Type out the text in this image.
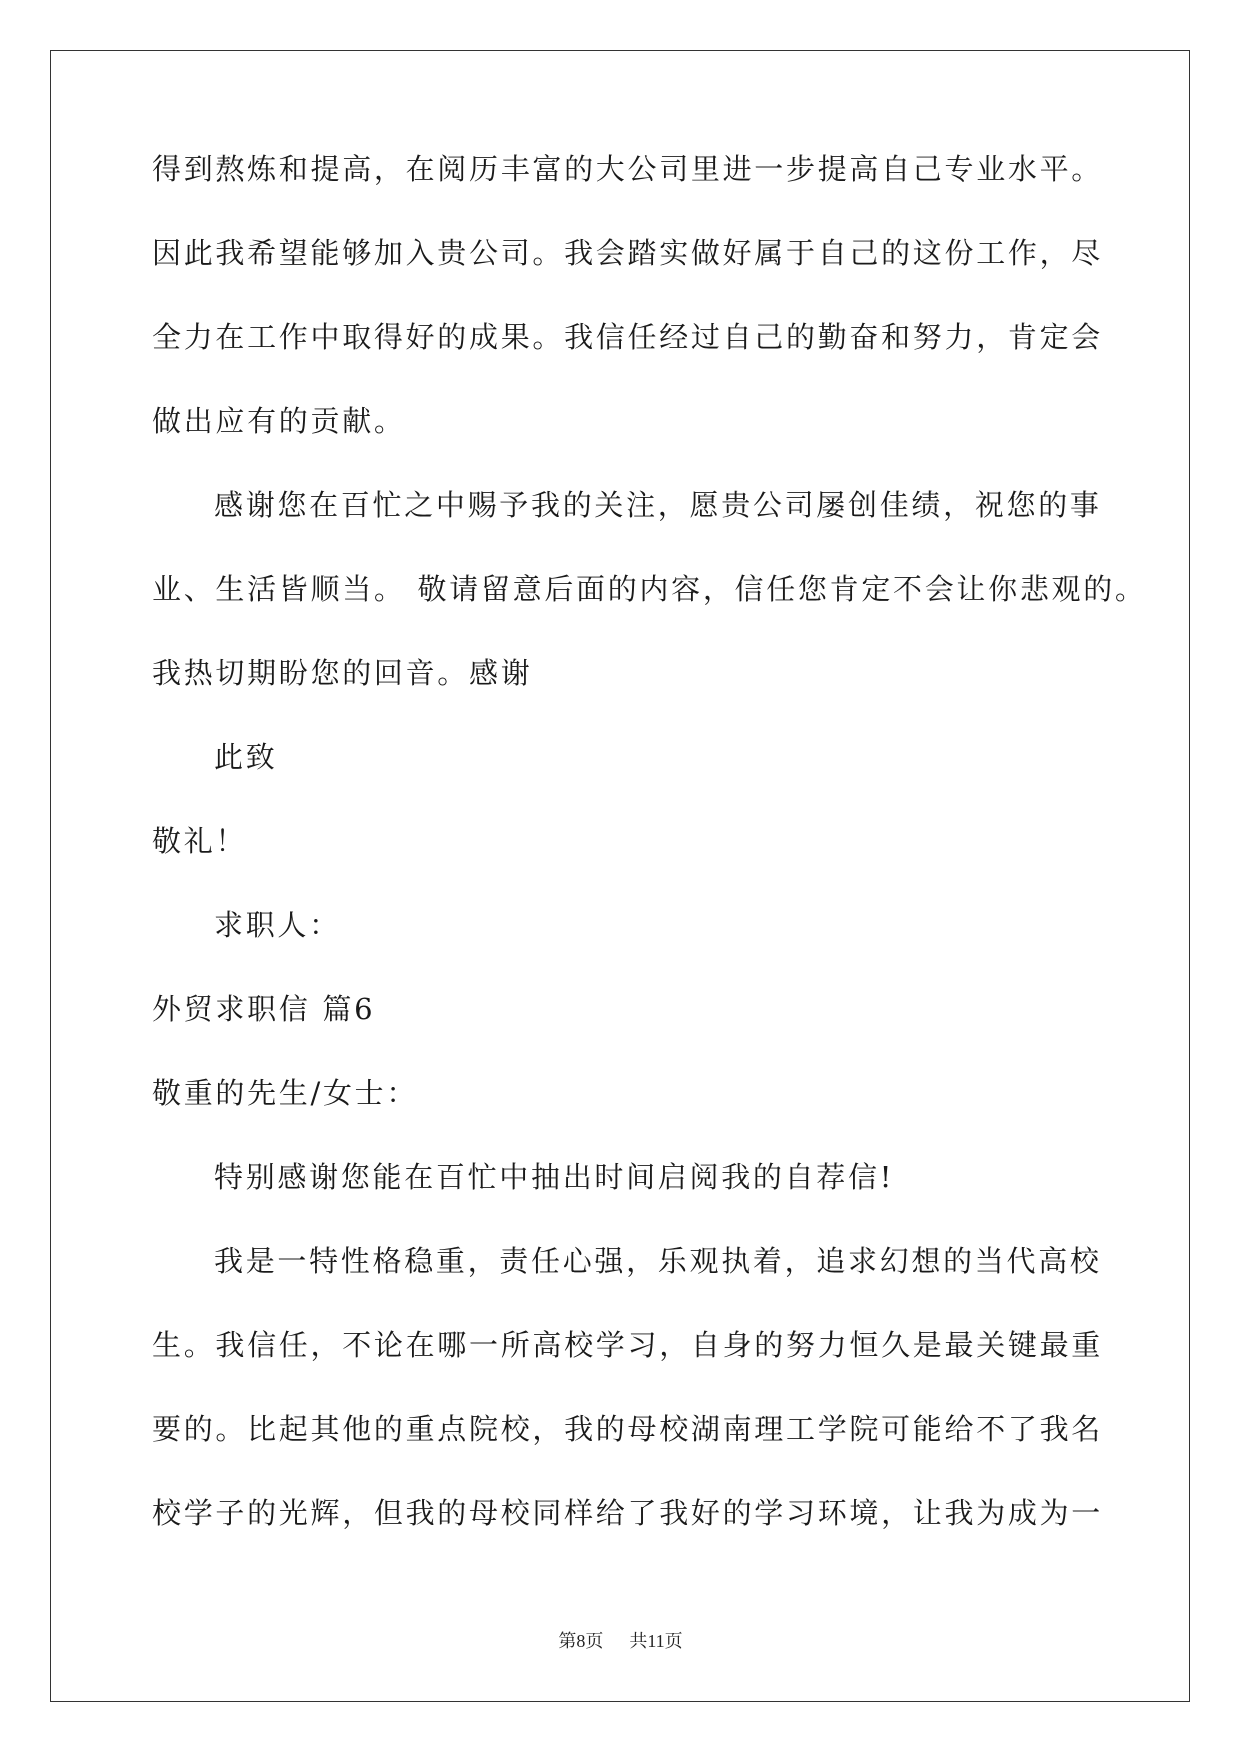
得到熬炼和提高，在阅历丰富的大公司里进一步提高自己专业水平。
因此我希望能够加入贵公司。我会踏实做好属于自己的这份工作，尽
全力在工作中取得好的成果。我信任经过自己的勤奋和努力，肯定会
做出应有的贡献。
感谢您在百忙之中赐予我的关注，愿贵公司屡创佳绩，祝您的事
业、生活皆顺当。 敬请留意后面的内容，信任您肯定不会让你悲观的。
我热切期盼您的回音。感谢
此致
敬礼！
求职人：
外贸求职信 篇6
敬重的先生/女士：
特别感谢您能在百忙中抽出时间启阅我的自荐信!
我是一特性格稳重，责任心强，乐观执着，追求幻想的当代高校
生。我信任，不论在哪一所高校学习，自身的努力恒久是最关键最重
要的。比起其他的重点院校，我的母校湖南理工学院可能给不了我名
校学子的光辉，但我的母校同样给了我好的学习环境，让我为成为一
第8页 共11页
